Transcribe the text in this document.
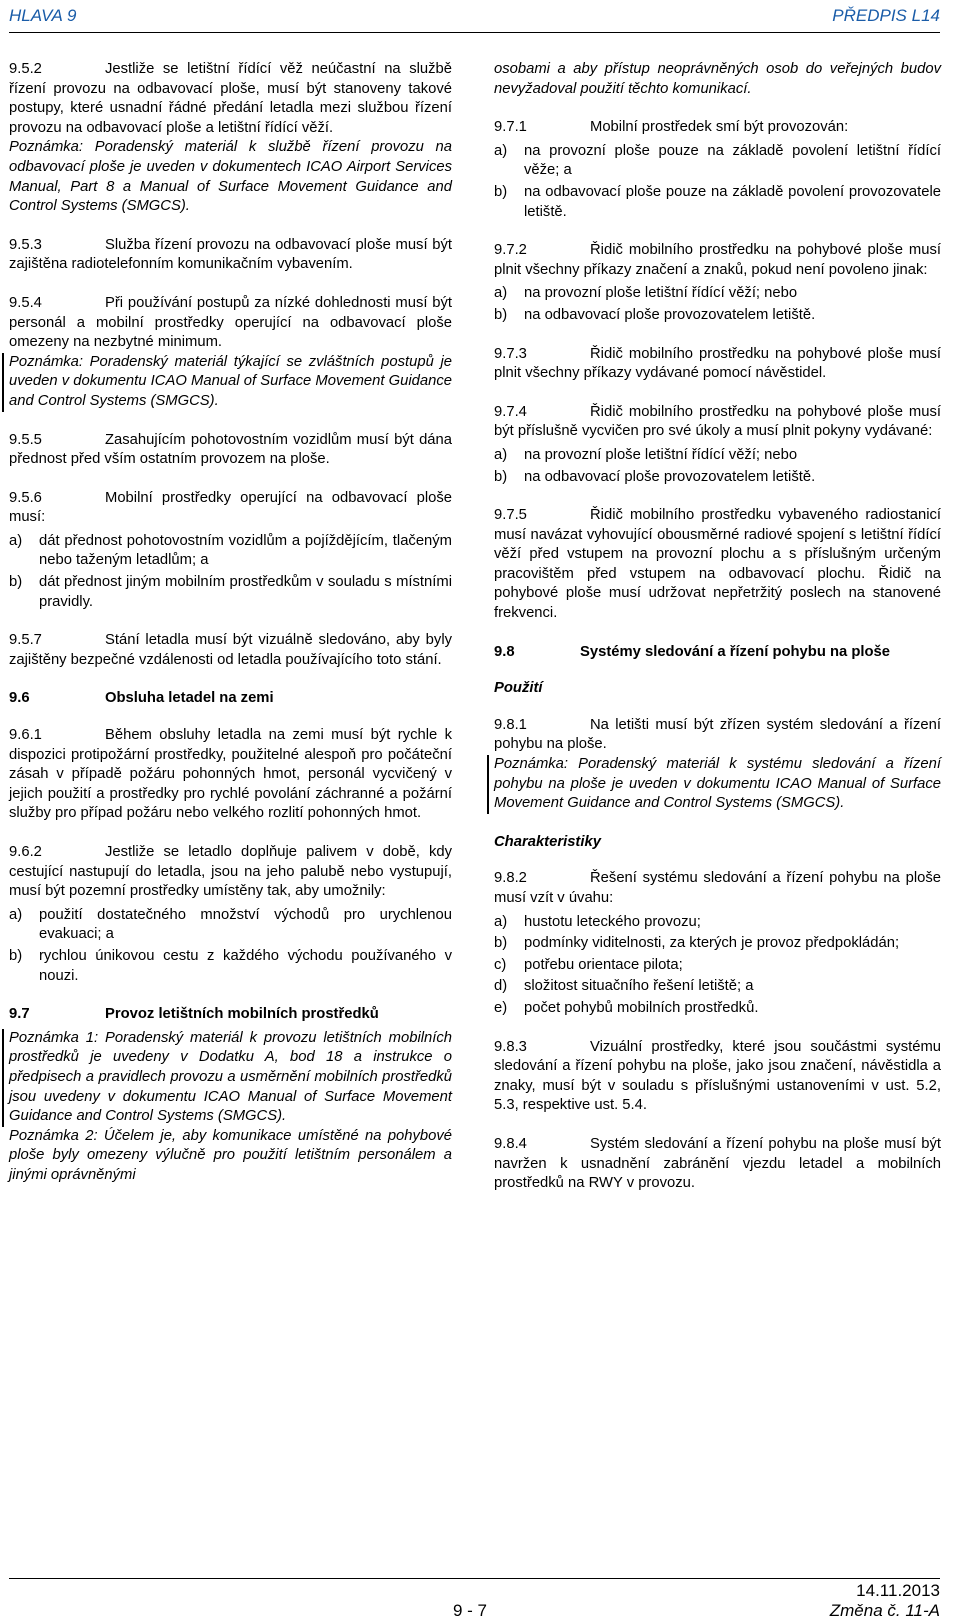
HLAVA 9	PŘEDPIS L14

9.5.2	Jestliže se letištní řídící věž neúčastní na službě řízení provozu na odbavovací ploše, musí být stanoveny takové postupy, které usnadní řádné předání letadla mezi službou řízení provozu na odbavovací ploše a letištní řídící věží.

Poznámka: Poradenský materiál k službě řízení provozu na odbavovací ploše je uveden v dokumentech ICAO Airport Services Manual, Part 8 a Manual of Surface Movement Guidance and Control Systems (SMGCS).

9.5.3	Služba řízení provozu na odbavovací ploše musí být zajištěna radiotelefonním komunikačním vybavením.

9.5.4	Při používání postupů za nízké dohlednosti musí být personál a mobilní prostředky operující na odbavovací ploše omezeny na nezbytné minimum.

Poznámka: Poradenský materiál týkající se zvláštních postupů je uveden v dokumentu ICAO Manual of Surface Movement Guidance and Control Systems (SMGCS).

9.5.5	Zasahujícím pohotovostním vozidlům musí být dána přednost před vším ostatním provozem na ploše.

9.5.6	Mobilní prostředky operující na odbavovací ploše musí:

a) dát přednost pohotovostním vozidlům a pojíždějícím, tlačeným nebo taženým letadlům; a
b) dát přednost jiným mobilním prostředkům v souladu s místními pravidly.

9.5.7	Stání letadla musí být vizuálně sledováno, aby byly zajištěny bezpečné vzdálenosti od letadla používajícího toto stání.

9.6	Obsluha letadel na zemi

9.6.1	Během obsluhy letadla na zemi musí být rychle k dispozici protipožární prostředky, použitelné alespoň pro počáteční zásah v případě požáru pohonných hmot, personál vycvičený v jejich použití a prostředky pro rychlé povolání záchranné a požární služby pro případ požáru nebo velkého rozlití pohonných hmot.

9.6.2	Jestliže se letadlo doplňuje palivem v době, kdy cestující nastupují do letadla, jsou na jeho palubě nebo vystupují, musí být pozemní prostředky umístěny tak, aby umožnily:

a) použití dostatečného množství východů pro urychlenou evakuaci; a
b) rychlou únikovou cestu z každého východu používaného v nouzi.

9.7	Provoz letištních mobilních prostředků

Poznámka 1: Poradenský materiál k provozu letištních mobilních prostředků je uvedeny v Dodatku A, bod 18 a instrukce o předpisech a pravidlech provozu a usměrnění mobilních prostředků jsou uvedeny v dokumentu ICAO Manual of Surface Movement Guidance and Control Systems (SMGCS).

Poznámka 2: Účelem je, aby komunikace umístěné na pohybové ploše byly omezeny výlučně pro použití letištním personálem a jinými oprávněnými

osobami a aby přístup neoprávněných osob do veřejných budov nevyžadoval použití těchto komunikací.

9.7.1	Mobilní prostředek smí být provozován:

a) na provozní ploše pouze na základě povolení letištní řídící věže; a
b) na odbavovací ploše pouze na základě povolení provozovatele letiště.

9.7.2	Řidič mobilního prostředku na pohybové ploše musí plnit všechny příkazy značení a znaků, pokud není povoleno jinak:

a) na provozní ploše letištní řídící věží; nebo
b) na odbavovací ploše provozovatelem letiště.

9.7.3	Řidič mobilního prostředku na pohybové ploše musí plnit všechny příkazy vydávané pomocí návěstidel.

9.7.4	Řidič mobilního prostředku na pohybové ploše musí být příslušně vycvičen pro své úkoly a musí plnit pokyny vydávané:

a) na provozní ploše letištní řídící věží; nebo
b) na odbavovací ploše provozovatelem letiště.

9.7.5	Řidič mobilního prostředku vybaveného radiostanicí musí navázat vyhovující obousměrné radiové spojení s letištní řídící věží před vstupem na provozní plochu a s příslušným určeným pracovištěm před vstupem na odbavovací plochu. Řidič na pohybové ploše musí udržovat nepřetržitý poslech na stanovené frekvenci.

9.8	Systémy sledování a řízení pohybu na ploše

Použití

9.8.1	Na letišti musí být zřízen systém sledování a řízení pohybu na ploše.

Poznámka: Poradenský materiál k systému sledování a řízení pohybu na ploše je uveden v dokumentu ICAO Manual of Surface Movement Guidance and Control Systems (SMGCS).

Charakteristiky

9.8.2	Řešení systému sledování a řízení pohybu na ploše musí vzít v úvahu:

a) hustotu leteckého provozu;
b) podmínky viditelnosti, za kterých je provoz předpokládán;
c) potřebu orientace pilota;
d) složitost situačního řešení letiště; a
e) počet pohybů mobilních prostředků.

9.8.3	Vizuální prostředky, které jsou součástmi systému sledování a řízení pohybu na ploše, jako jsou značení, návěstidla a znaky, musí být v souladu s příslušnými ustanoveními v ust. 5.2, 5.3, respektive ust. 5.4.

9.8.4	Systém sledování a řízení pohybu na ploše musí být navržen k usnadnění zabránění vjezdu letadel a mobilních prostředků na RWY v provozu.

9 - 7
14.11.2013
Změna č. 11-A
